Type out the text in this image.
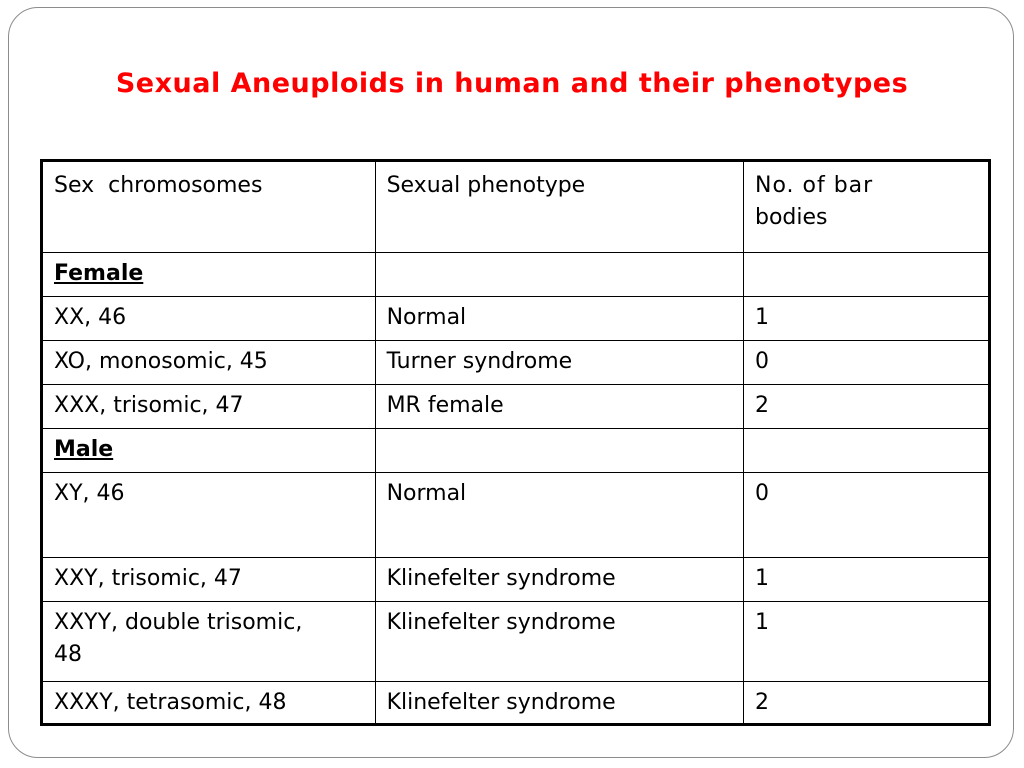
Sexual Aneuploids in human and their phenotypes
Sex  chromosomes	Sexual phenotype	No. of bar
bodies

Female		
XX, 46	Normal	1
XO, monosomic, 45	Turner syndrome	0
XXX, trisomic, 47	MR female	2
Male		
XY, 46	Normal	0
XXY, trisomic, 47	Klinefelter syndrome	1

XXYY, double trisomic,
48	Klinefelter syndrome	1
XXXY, tetrasomic, 48	Klinefelter syndrome	2
